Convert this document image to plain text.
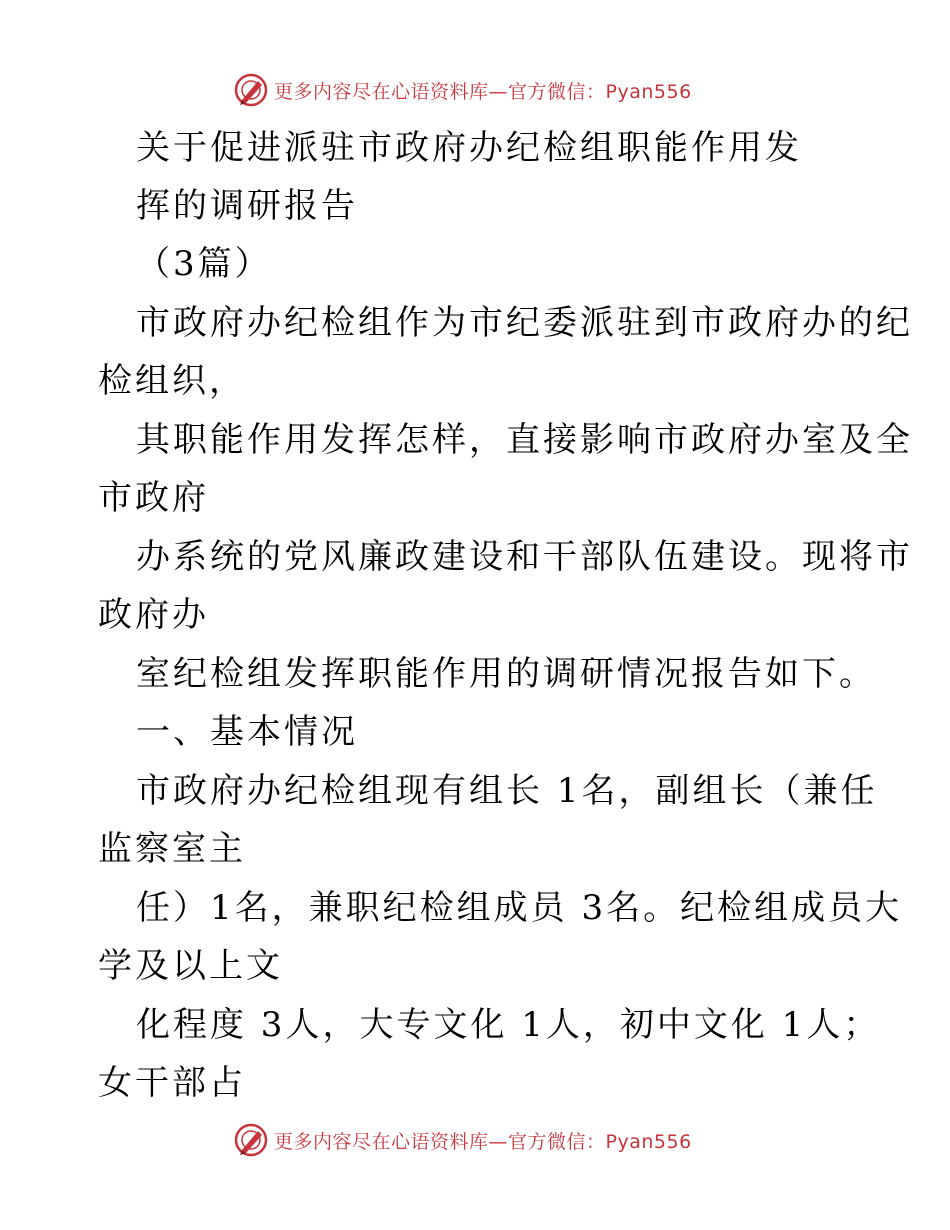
更多内容尽在心语资料库—官方微信：Pyan556
关于促进派驻市政府办纪检组职能作用发
挥的调研报告
（3篇）
市政府办纪检组作为市纪委派驻到市政府办的纪
检组织，
其职能作用发挥怎样，直接影响市政府办室及全
市政府
办系统的党风廉政建设和干部队伍建设。现将市
政府办
室纪检组发挥职能作用的调研情况报告如下。
一、基本情况
市政府办纪检组现有组长 1名，副组长（兼任
监察室主
任）1名，兼职纪检组成员 3名。纪检组成员大
学及以上文
化程度 3人，大专文化 1人，初中文化 1人；
女干部占
更多内容尽在心语资料库—官方微信：Pyan556
